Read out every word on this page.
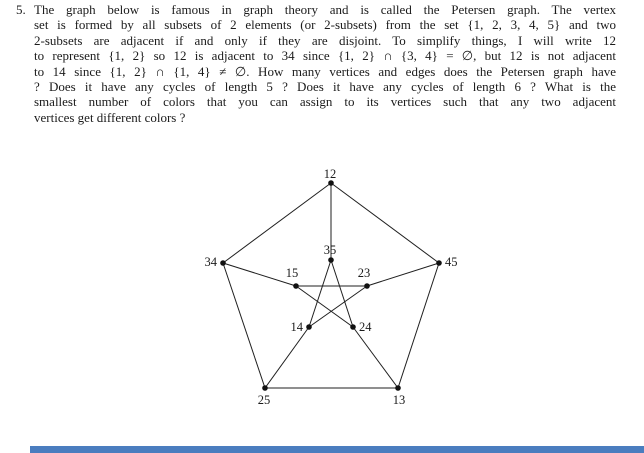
5. The graph below is famous in graph theory and is called the Petersen graph. The vertex
set is formed by all subsets of 2 elements (or 2-subsets) from the set {1, 2, 3, 4, 5} and two
2-subsets are adjacent if and only if they are disjoint. To simplify things, I will write 12
to represent {1, 2} so 12 is adjacent to 34 since {1, 2} ∩ {3, 4} = ∅, but 12 is not adjacent
to 14 since {1, 2} ∩ {1, 4} ≠ ∅. How many vertices and edges does the Petersen graph have
? Does it have any cycles of length 5 ? Does it have any cycles of length 6 ? What is the
smallest number of colors that you can assign to its vertices such that any two adjacent
vertices get different colors ?
12
34	45
35
15	23
14	24
25	13
